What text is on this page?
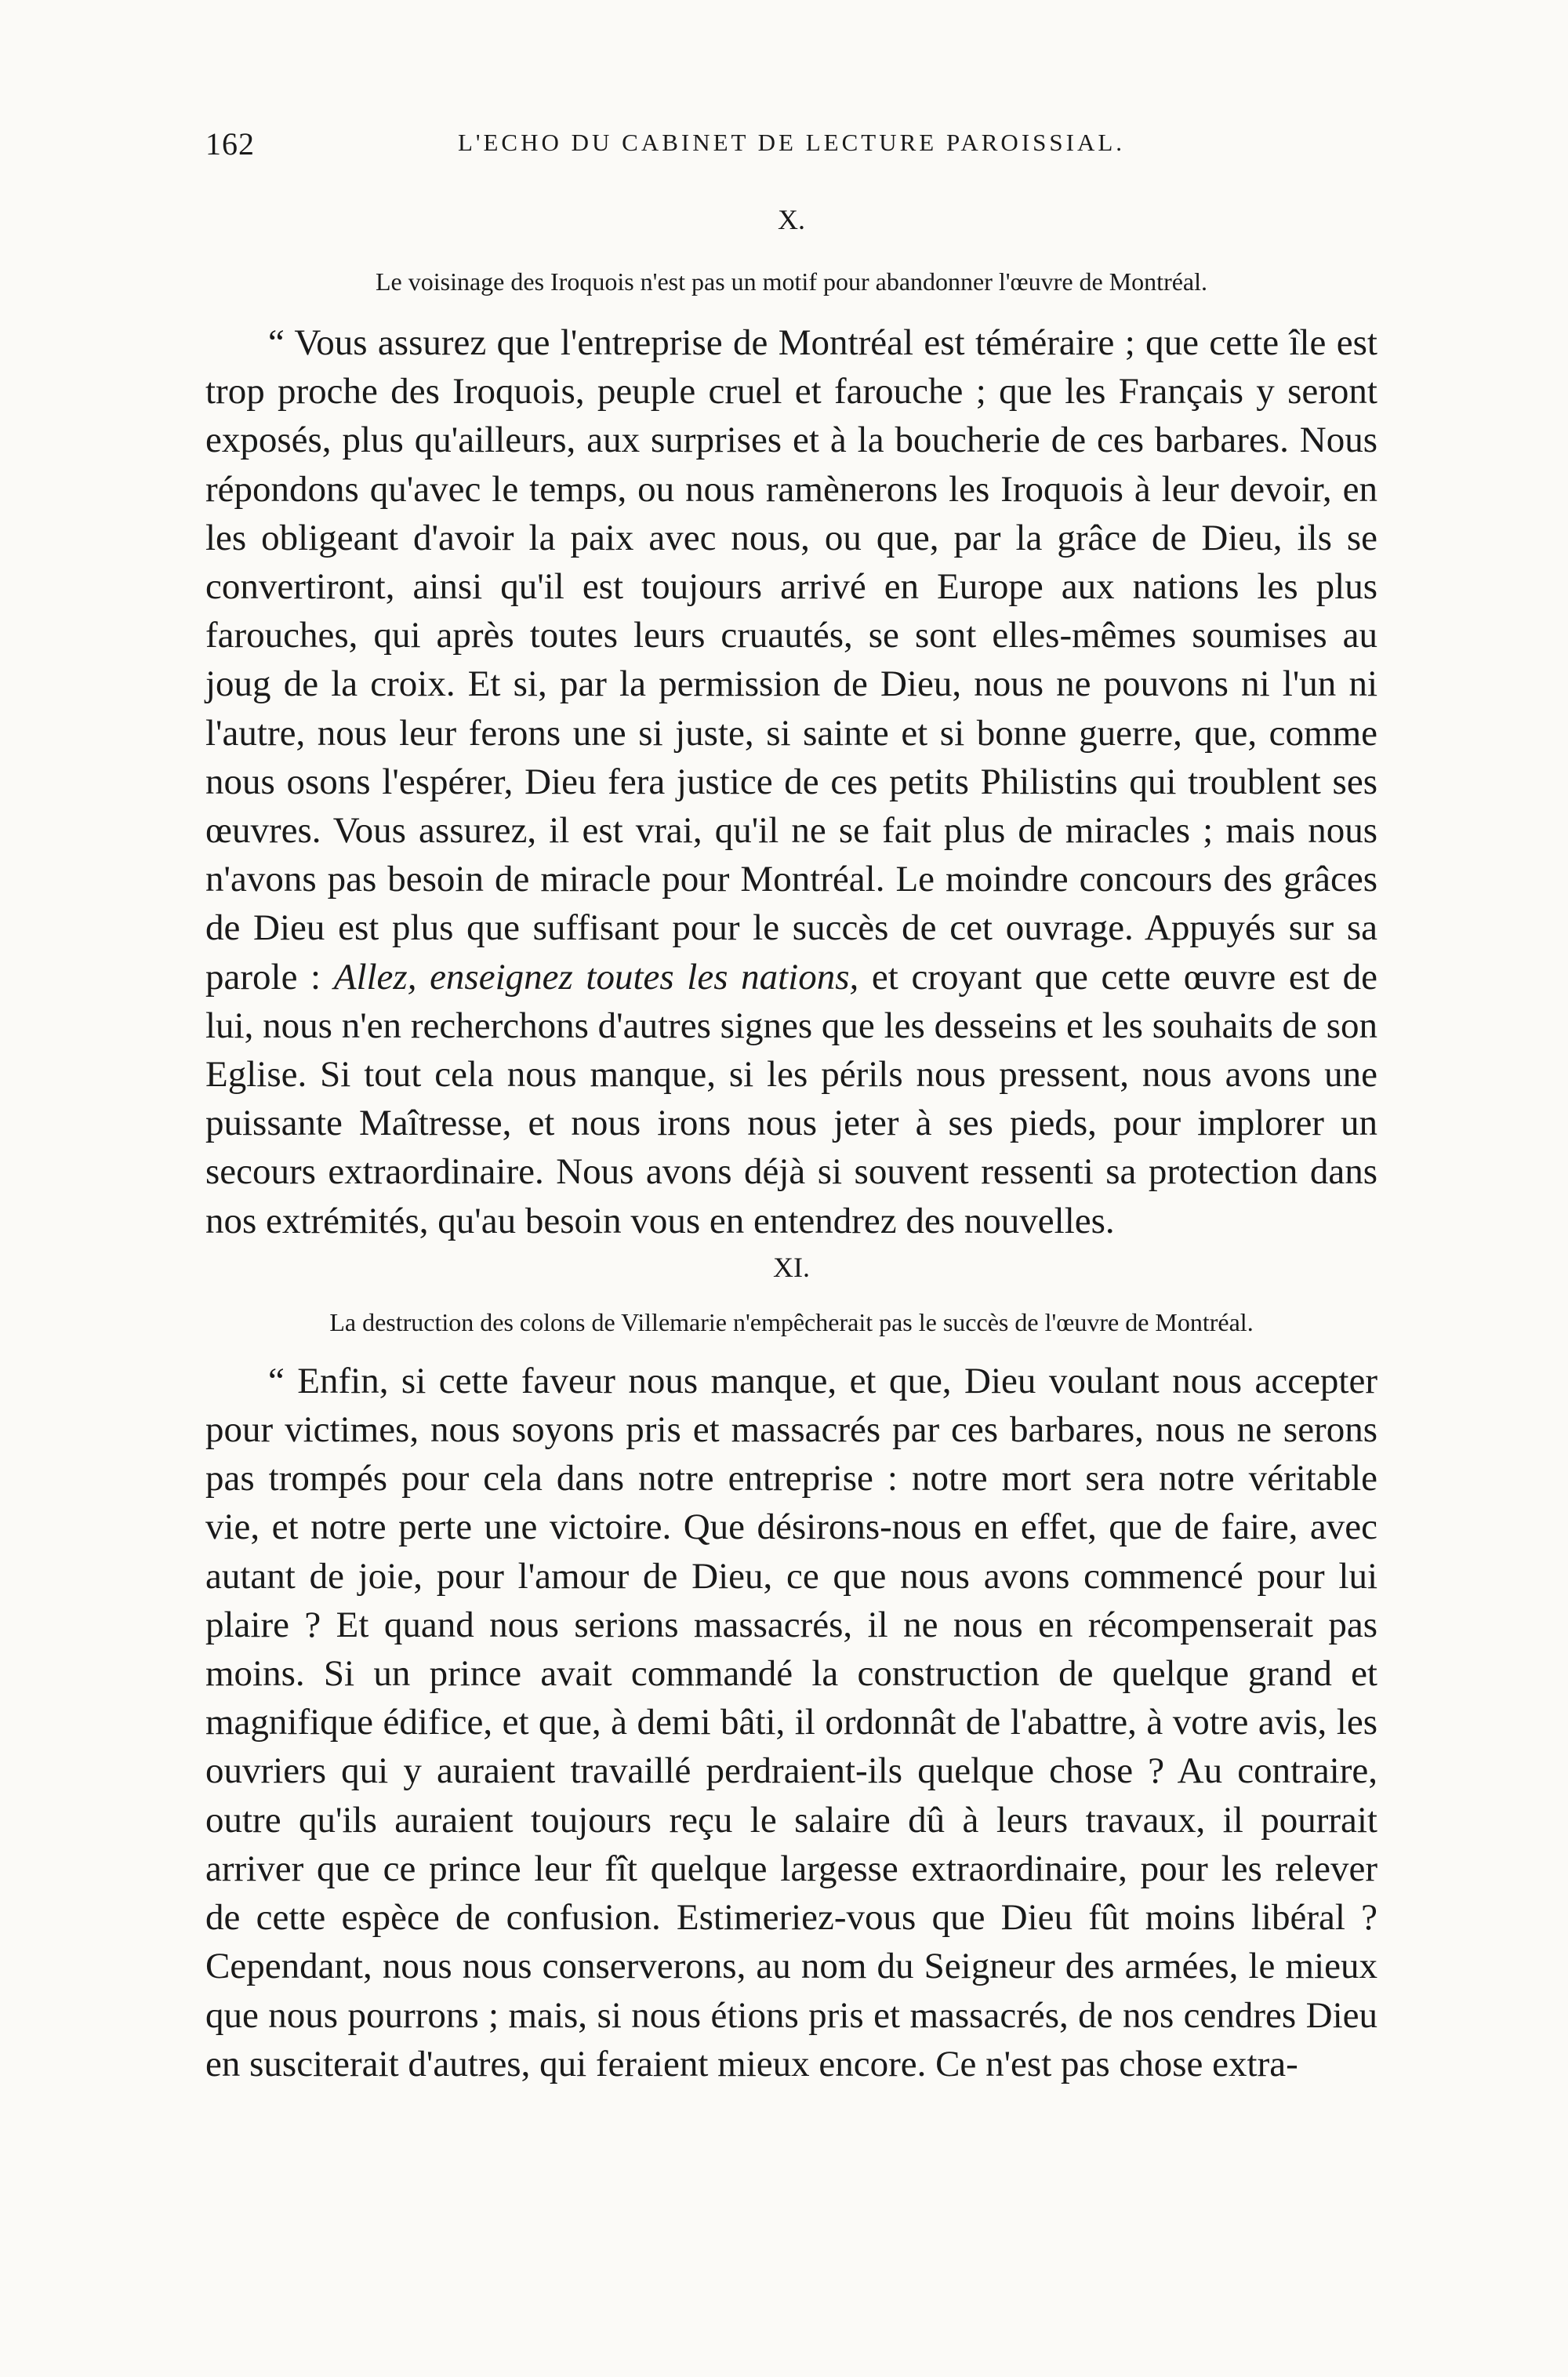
162	L'ECHO DU CABINET DE LECTURE PAROISSIAL.
X.
Le voisinage des Iroquois n'est pas un motif pour abandonner l'œuvre de Montréal.

“ Vous assurez que l'entreprise de Montréal est téméraire ; que cette île est trop proche des Iroquois, peuple cruel et farouche ; que les Français y seront exposés, plus qu'ailleurs, aux surprises et à la boucherie de ces barbares. Nous répondons qu'avec le temps, ou nous ramènerons les Iroquois à leur devoir, en les obligeant d'avoir la paix avec nous, ou que, par la grâce de Dieu, ils se convertiront, ainsi qu'il est toujours arrivé en Europe aux nations les plus farouches, qui après toutes leurs cruautés, se sont elles-mêmes soumises au joug de la croix. Et si, par la permission de Dieu, nous ne pouvons ni l'un ni l'autre, nous leur ferons une si juste, si sainte et si bonne guerre, que, comme nous osons l'espérer, Dieu fera justice de ces petits Philistins qui troublent ses œuvres. Vous assurez, il est vrai, qu'il ne se fait plus de miracles ; mais nous n'avons pas besoin de miracle pour Montréal. Le moindre concours des grâces de Dieu est plus que suffisant pour le succès de cet ouvrage. Appuyés sur sa parole : Allez, enseignez toutes les nations, et croyant que cette œuvre est de lui, nous n'en recherchons d'autres signes que les desseins et les souhaits de son Eglise. Si tout cela nous manque, si les périls nous pressent, nous avons une puissante Maîtresse, et nous irons nous jeter à ses pieds, pour implorer un secours extraordinaire. Nous avons déjà si souvent ressenti sa protection dans nos extrémités, qu'au besoin vous en entendrez des nouvelles.

XI.
La destruction des colons de Villemarie n'empêcherait pas le succès de l'œuvre de Montréal.

“ Enfin, si cette faveur nous manque, et que, Dieu voulant nous accepter pour victimes, nous soyons pris et massacrés par ces barbares, nous ne serons pas trompés pour cela dans notre entreprise : notre mort sera notre véritable vie, et notre perte une victoire. Que désirons-nous en effet, que de faire, avec autant de joie, pour l'amour de Dieu, ce que nous avons commencé pour lui plaire ? Et quand nous serions massacrés, il ne nous en récompenserait pas moins. Si un prince avait commandé la construction de quelque grand et magnifique édifice, et que, à demi bâti, il ordonnât de l'abattre, à votre avis, les ouvriers qui y auraient travaillé perdraient-ils quelque chose ? Au contraire, outre qu'ils auraient toujours reçu le salaire dû à leurs travaux, il pourrait arriver que ce prince leur fît quelque largesse extraordinaire, pour les relever de cette espèce de confusion. Estimeriez-vous que Dieu fût moins libéral ? Cependant, nous nous conserverons, au nom du Seigneur des armées, le mieux que nous pourrons ; mais, si nous étions pris et massacrés, de nos cendres Dieu en susciterait d'autres, qui feraient mieux encore. Ce n'est pas chose extra-
